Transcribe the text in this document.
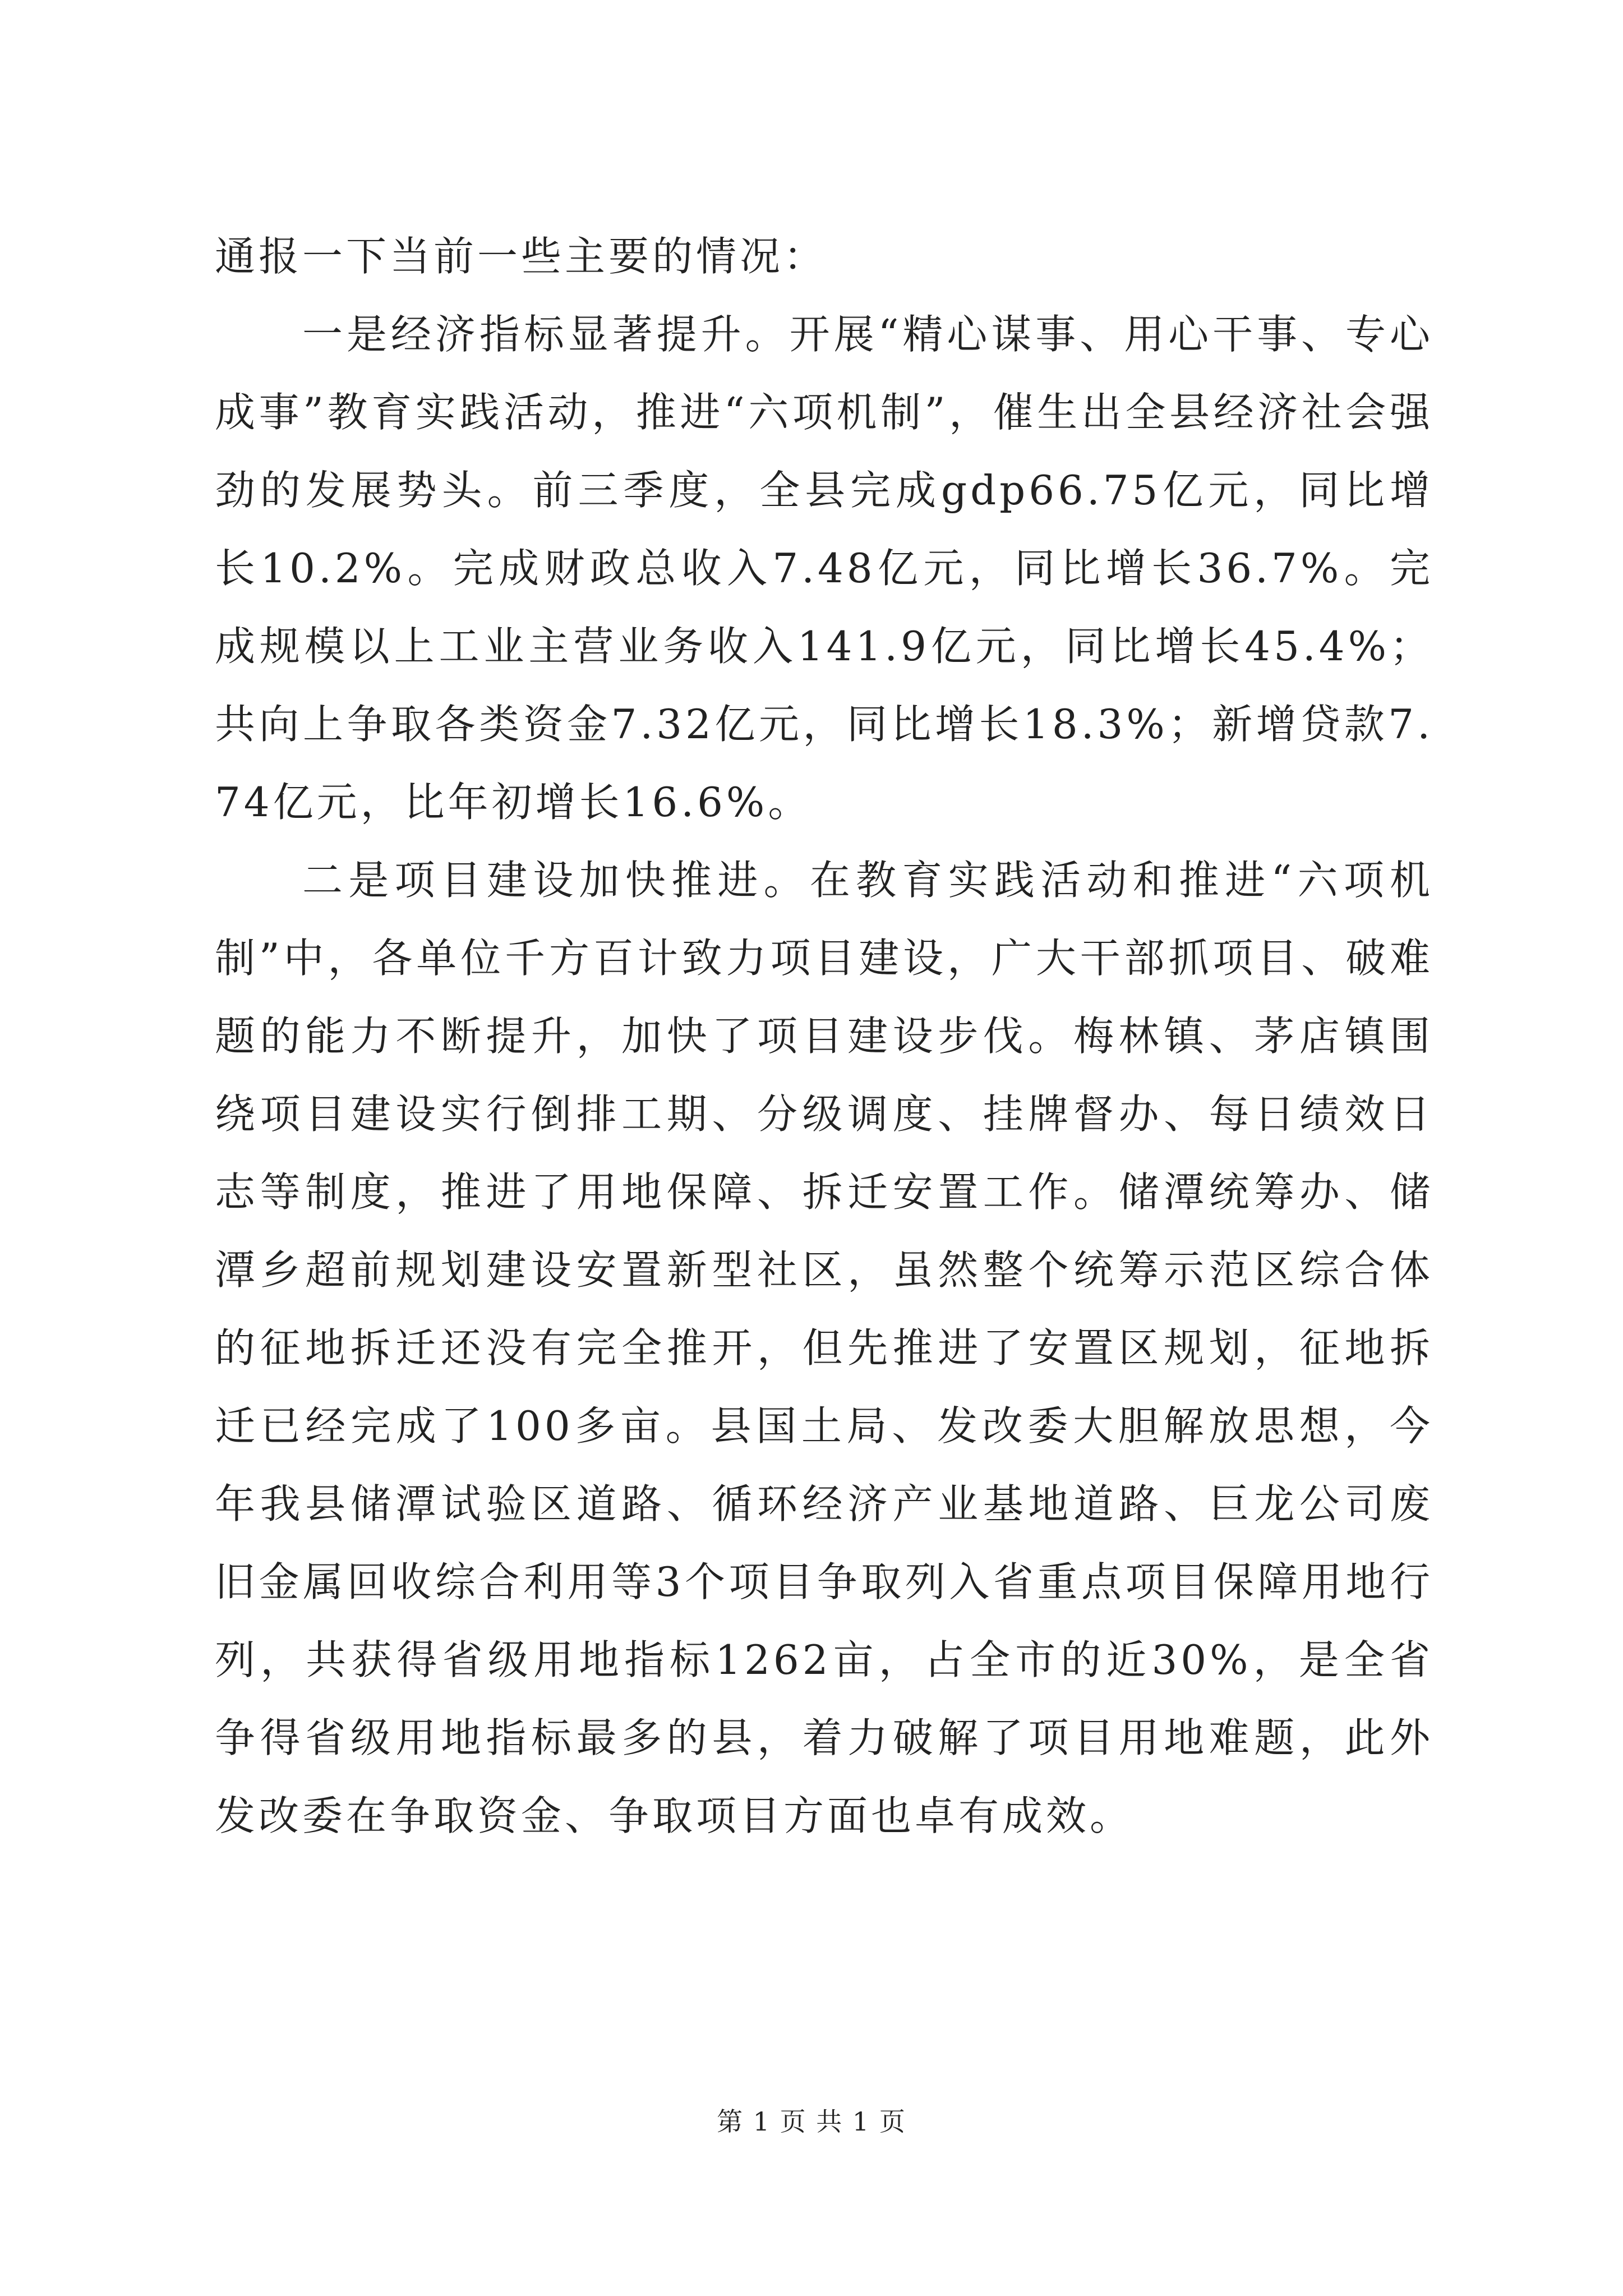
通报一下当前一些主要的情况：

一是经济指标显著提升。开展“精心谋事、用心干事、专心成事”教育实践活动，推进“六项机制”，催生出全县经济社会强劲的发展势头。前三季度，全县完成gdp66.75亿元，同比增长10.2%。完成财政总收入7.48亿元，同比增长36.7%。完成规模以上工业主营业务收入141.9亿元，同比增长45.4%；共向上争取各类资金7.32亿元，同比增长18.3%；新增贷款7.74亿元，比年初增长16.6%。

二是项目建设加快推进。在教育实践活动和推进“六项机制”中，各单位千方百计致力项目建设，广大干部抓项目、破难题的能力不断提升，加快了项目建设步伐。梅林镇、茅店镇围绕项目建设实行倒排工期、分级调度、挂牌督办、每日绩效日志等制度，推进了用地保障、拆迁安置工作。储潭统筹办、储潭乡超前规划建设安置新型社区，虽然整个统筹示范区综合体的征地拆迁还没有完全推开，但先推进了安置区规划，征地拆迁已经完成了100多亩。县国土局、发改委大胆解放思想，今年我县储潭试验区道路、循环经济产业基地道路、巨龙公司废旧金属回收综合利用等3个项目争取列入省重点项目保障用地行列，共获得省级用地指标1262亩，占全市的近30%，是全省争得省级用地指标最多的县，着力破解了项目用地难题，此外发改委在争取资金、争取项目方面也卓有成效。

第 1 页 共 1 页
